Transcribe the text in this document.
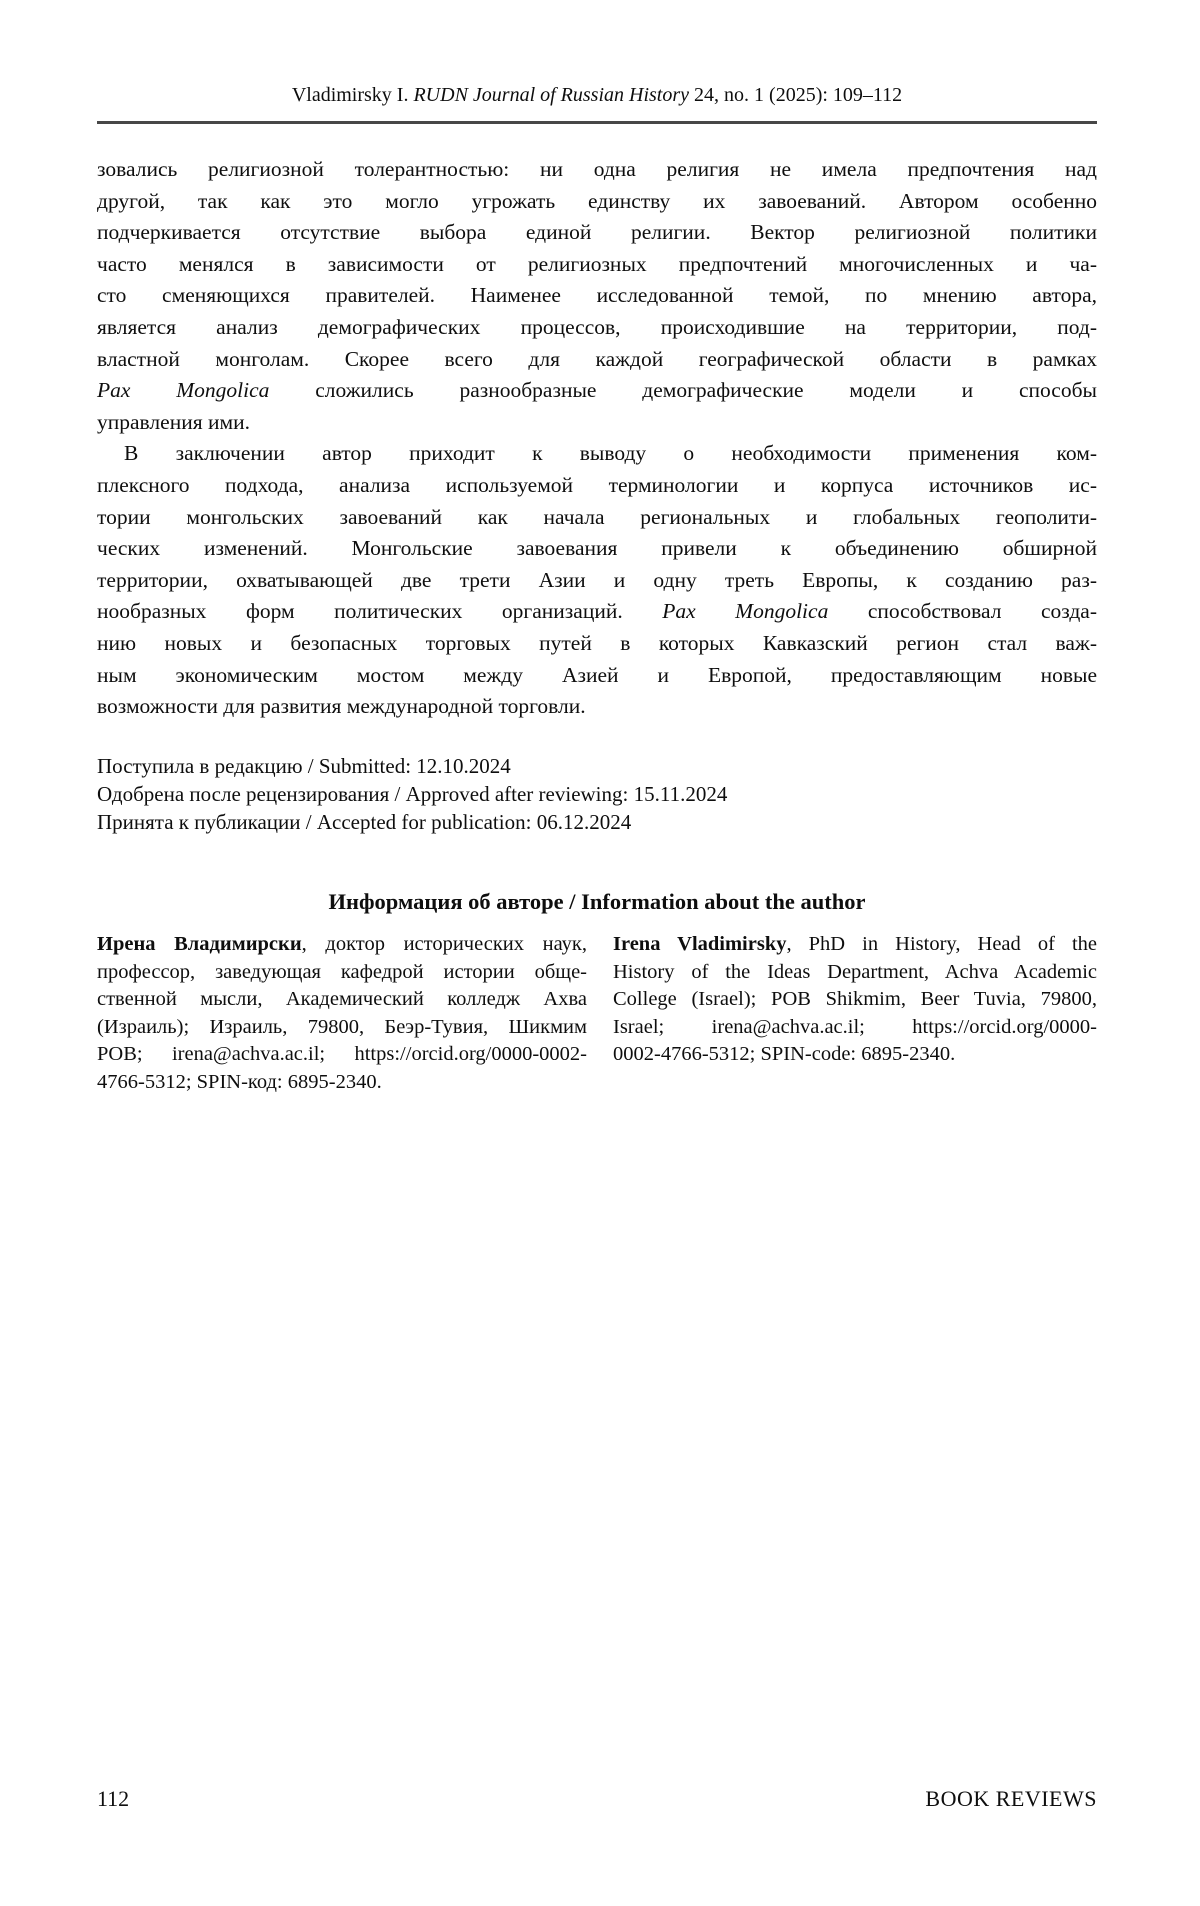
Vladimirsky I. RUDN Journal of Russian History 24, no. 1 (2025): 109–112
зовались религиозной толерантностью: ни одна религия не имела предпочтения над
другой, так как это могло угрожать единству их завоеваний. Автором особенно
подчеркивается отсутствие выбора единой религии. Вектор религиозной политики
часто менялся в зависимости от религиозных предпочтений многочисленных и ча-
сто сменяющихся правителей. Наименее исследованной темой, по мнению автора,
является анализ демографических процессов, происходившие на территории, под-
властной монголам. Скорее всего для каждой географической области в рамках
Pax Mongolica сложились разнообразные демографические модели и способы
управления ими.
В заключении автор приходит к выводу о необходимости применения ком-
плексного подхода, анализа используемой терминологии и корпуса источников ис-
тории монгольских завоеваний как начала региональных и глобальных геополити-
ческих изменений. Монгольские завоевания привели к объединению обширной
территории, охватывающей две трети Азии и одну треть Европы, к созданию раз-
нообразных форм политических организаций. Pax Mongolica способствовал созда-
нию новых и безопасных торговых путей в которых Кавказский регион стал важ-
ным экономическим мостом между Азией и Европой, предоставляющим новые
возможности для развития международной торговли.
Поступила в редакцию / Submitted: 12.10.2024
Одобрена после рецензирования / Approved after reviewing: 15.11.2024
Принята к публикации / Accepted for publication: 06.12.2024
Информация об авторе / Information about the author
Ирена Владимирски, доктор исторических наук,
профессор, заведующая кафедрой истории обще-
ственной мысли, Академический колледж Ахва
(Израиль); Израиль, 79800, Беэр-Тувия, Шикмим
POB; irena@achva.ac.il; https://orcid.org/0000-0002-
4766-5312; SPIN-код: 6895-2340.
Irena Vladimirsky, PhD in History, Head of the
History of the Ideas Department, Achva Academic
College (Israel); POB Shikmim, Beer Tuvia, 79800,
Israel; irena@achva.ac.il; https://orcid.org/0000-
0002-4766-5312; SPIN-code: 6895-2340.
112	BOOK REVIEWS
